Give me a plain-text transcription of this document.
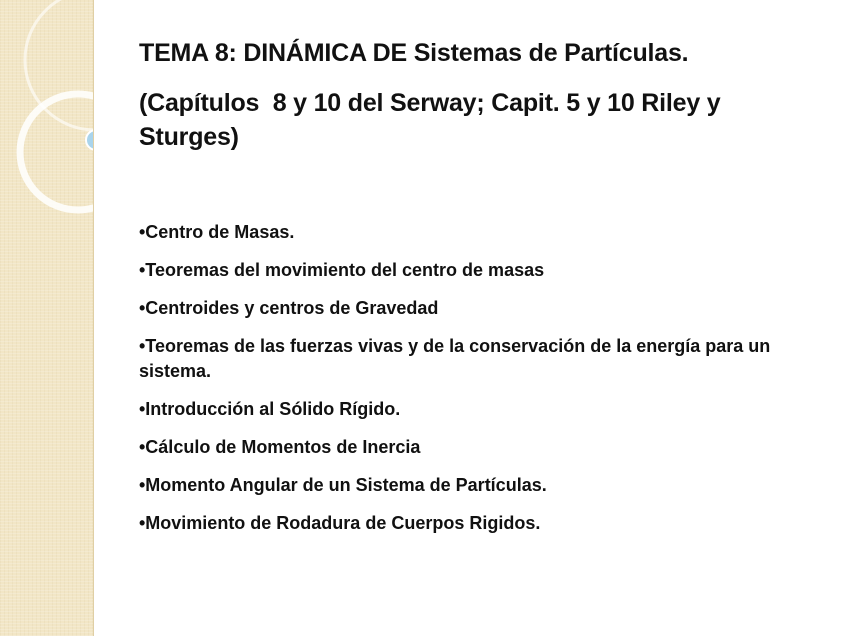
TEMA 8: DINÁMICA DE Sistemas de Partículas.
(Capítulos  8 y 10 del Serway; Capit. 5 y 10 Riley y Sturges)
•Centro de Masas.
•Teoremas del movimiento del centro de masas
•Centroides y centros de Gravedad
•Teoremas de las fuerzas vivas y de la conservación de la energía para un sistema.
•Introducción al Sólido Rígido.
•Cálculo de Momentos de Inercia
•Momento Angular de un Sistema de Partículas.
•Movimiento de Rodadura de Cuerpos Rigidos.
